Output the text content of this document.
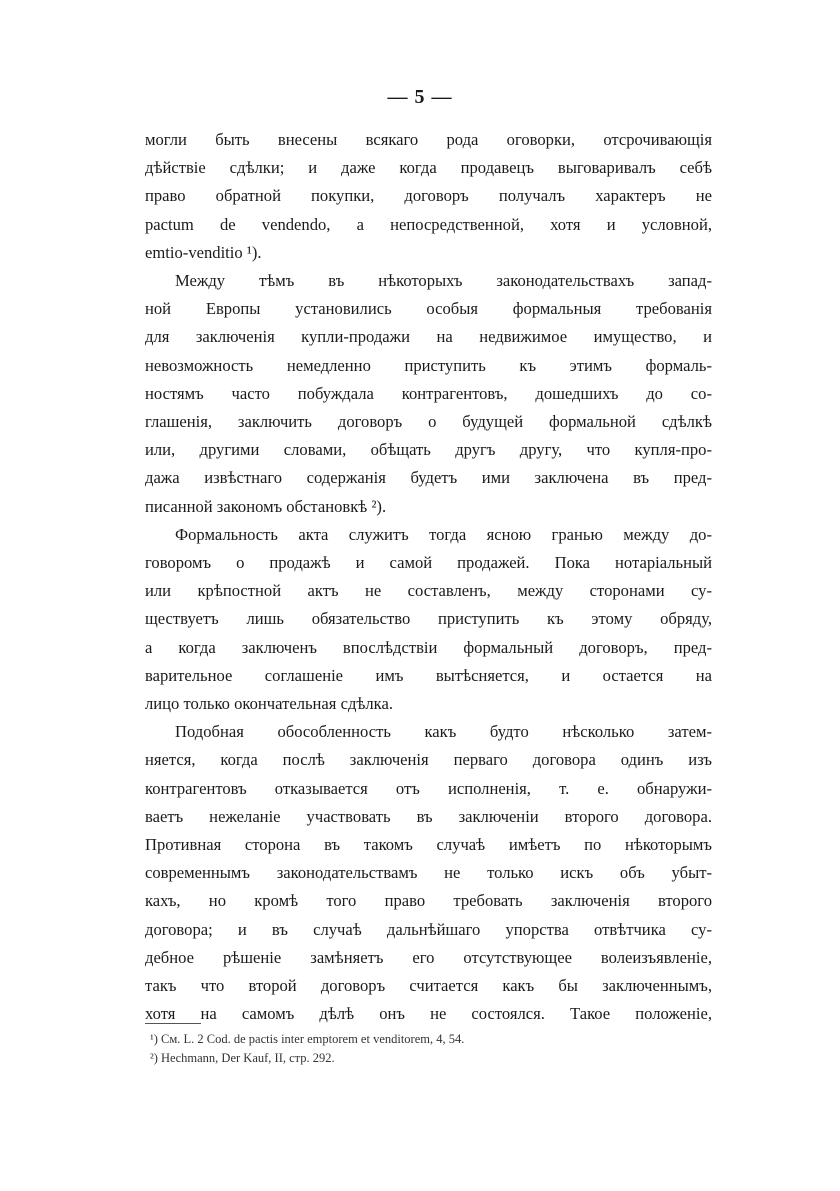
— 5 —
могли быть внесены всякаго рода оговорки, отсрочивающія
дѣйствіе сдѣлки; и даже когда продавецъ выговаривалъ себѣ
право обратной покупки, договоръ получалъ характеръ не
pactum de vendendo, а непосредственной, хотя и условной,
emtio-venditio ¹).
Между тѣмъ въ нѣкоторыхъ законодательствахъ запад-
ной Европы установились особыя формальныя требованія
для заключенія купли-продажи на недвижимое имущество, и
невозможность немедленно приступить къ этимъ формаль-
ностямъ часто побуждала контрагентовъ, дошедшихъ до со-
глашенія, заключить договоръ о будущей формальной сдѣлкѣ
или, другими словами, обѣщать другъ другу, что купля-про-
дажа извѣстнаго содержанія будетъ ими заключена въ пред-
писанной закономъ обстановкѣ ²).
Формальность акта служитъ тогда ясною гранью между до-
говоромъ о продажѣ и самой продажей. Пока нотаріальный
или крѣпостной актъ не составленъ, между сторонами су-
ществуетъ лишь обязательство приступить къ этому обряду,
а когда заключенъ впослѣдствіи формальный договоръ, пред-
варительное соглашеніе имъ вытѣсняется, и остается на
лицо только окончательная сдѣлка.
Подобная обособленность какъ будто нѣсколько затем-
няется, когда послѣ заключенія перваго договора одинъ изъ
контрагентовъ отказывается отъ исполненія, т. е. обнаружи-
ваетъ нежеланіе участвовать въ заключеніи второго договора.
Противная сторона въ такомъ случаѣ имѣетъ по нѣкоторымъ
современнымъ законодательствамъ не только искъ объ убыт-
кахъ, но кромѣ того право требовать заключенія второго
договора; и въ случаѣ дальнѣйшаго упорства отвѣтчика су-
дебное рѣшеніе замѣняетъ его отсутствующее волеизъявленіе,
такъ что второй договоръ считается какъ бы заключеннымъ,
хотя на самомъ дѣлѣ онъ не состоялся. Такое положеніе,
¹) См. L. 2 Cod. de pactis inter emptorem et venditorem, 4, 54.
²) Hechmann, Der Kauf, II, стр. 292.
